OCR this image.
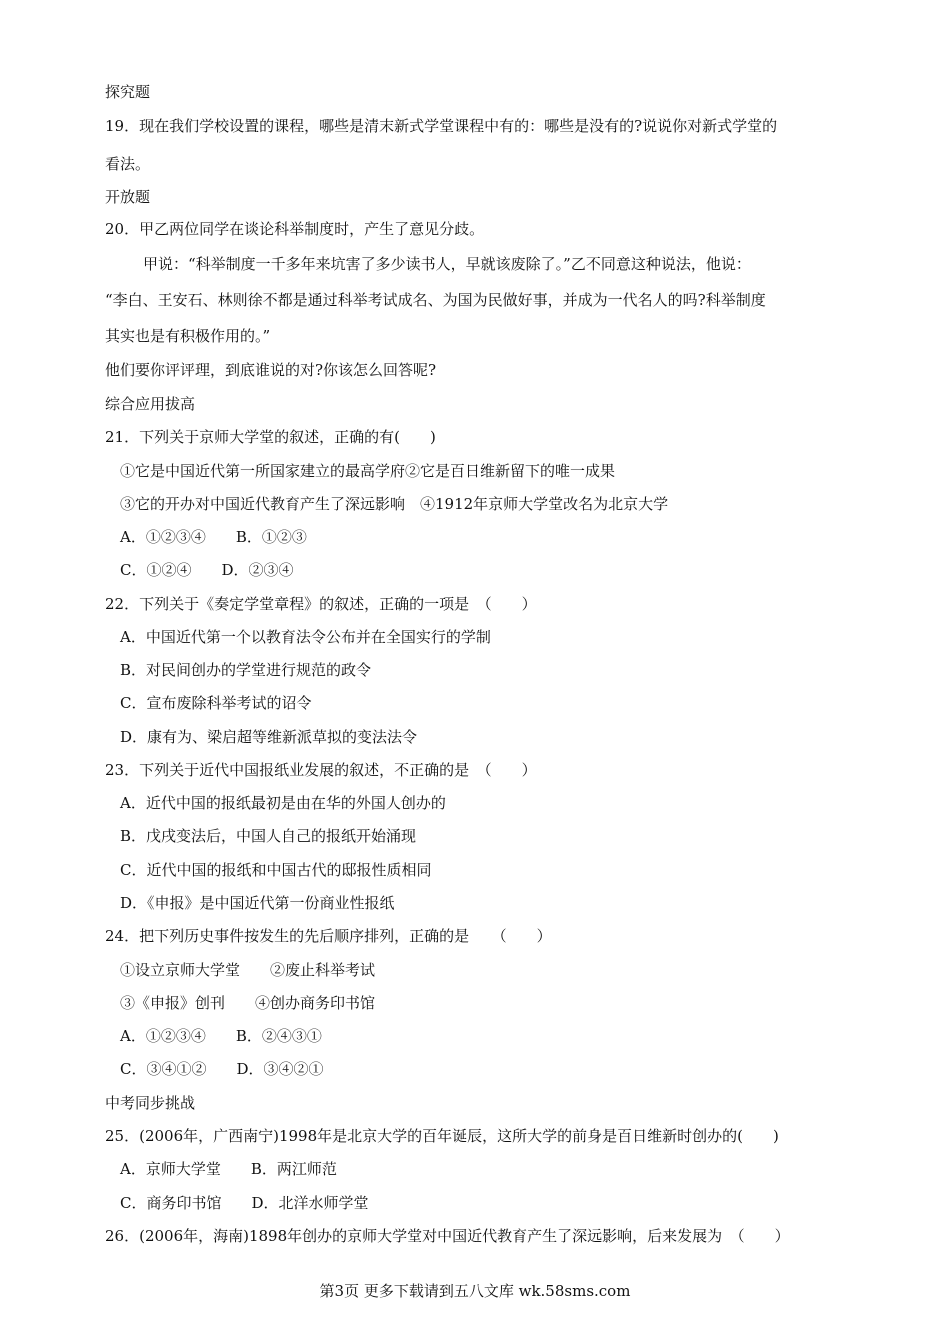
探究题
19．现在我们学校设置的课程，哪些是清末新式学堂课程中有的：哪些是没有的?说说你对新式学堂的
看法。
开放题
20．甲乙两位同学在谈论科举制度时，产生了意见分歧。
甲说：“科举制度一千多年来坑害了多少读书人，早就该废除了。”乙不同意这种说法，他说：
“李白、王安石、林则徐不都是通过科举考试成名、为国为民做好事，并成为一代名人的吗?科举制度
其实也是有积极作用的。”
他们要你评评理，到底谁说的对?你该怎么回答呢?
综合应用拔高
21．下列关于京师大学堂的叙述，正确的有(　　)
①它是中国近代第一所国家建立的最高学府②它是百日维新留下的唯一成果
③它的开办对中国近代教育产生了深远影响　④1912年京师大学堂改名为北京大学
A．①②③④　　B．①②③
C．①②④　　D．②③④
22．下列关于《奏定学堂章程》的叙述，正确的一项是　（　　）
A．中国近代第一个以教育法令公布并在全国实行的学制
B．对民间创办的学堂进行规范的政令
C．宣布废除科举考试的诏令
D．康有为、梁启超等维新派草拟的变法法令
23．下列关于近代中国报纸业发展的叙述，不正确的是　（　　）
A．近代中国的报纸最初是由在华的外国人创办的
B．戊戌变法后，中国人自己的报纸开始涌现
C．近代中国的报纸和中国古代的邸报性质相同
D．《申报》是中国近代第一份商业性报纸
24．把下列历史事件按发生的先后顺序排列，正确的是　　（　　）
①设立京师大学堂　　②废止科举考试
③《申报》创刊　　④创办商务印书馆
A．①②③④　　B．②④③①
C．③④①②　　D．③④②①
中考同步挑战
25．(2006年，广西南宁)1998年是北京大学的百年诞辰，这所大学的前身是百日维新时创办的(　　)
A．京师大学堂　　B．两江师范
C．商务印书馆　　D．北洋水师学堂
26．(2006年，海南)1898年创办的京师大学堂对中国近代教育产生了深远影响，后来发展为　（　　）
第3页 更多下载请到五八文库 wk.58sms.com
